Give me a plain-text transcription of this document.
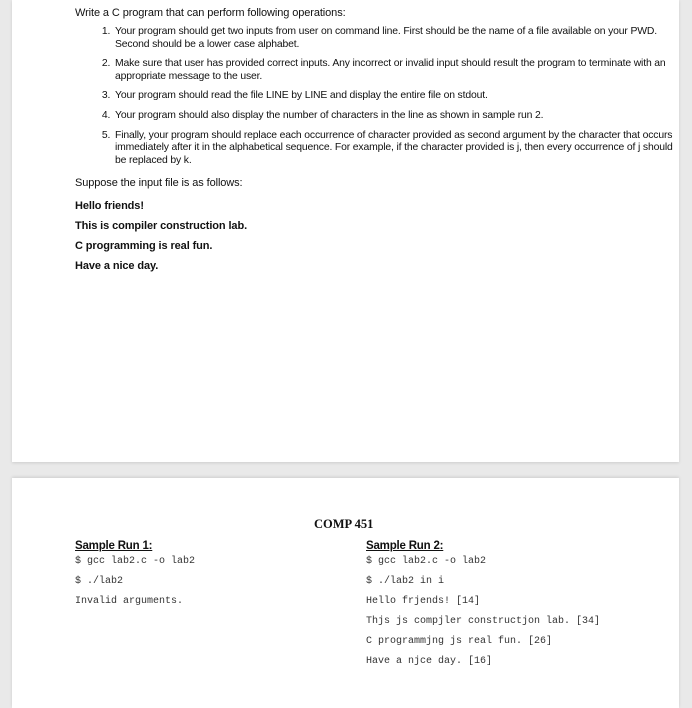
Write a C program that can perform following operations:
1. Your program should get two inputs from user on command line. First should be the name of a file available on your PWD. Second should be a lower case alphabet.
2. Make sure that user has provided correct inputs. Any incorrect or invalid input should result the program to terminate with an appropriate message to the user.
3. Your program should read the file LINE by LINE and display the entire file on stdout.
4. Your program should also display the number of characters in the line as shown in sample run 2.
5. Finally, your program should replace each occurrence of character provided as second argument by the character that occurs immediately after it in the alphabetical sequence. For example, if the character provided is j, then every occurrence of j should be replaced by k.
Suppose the input file is as follows:
Hello friends!
This is compiler construction lab.
C programming is real fun.
Have a nice day.
COMP 451
Sample Run 1:
$ gcc lab2.c -o lab2
$ ./lab2
Invalid arguments.
Sample Run 2:
$ gcc lab2.c -o lab2
$ ./lab2 in i
Hello frjends! [14]
Thjs js compjler constructjon lab. [34]
C programmjng js real fun. [26]
Have a njce day. [16]
